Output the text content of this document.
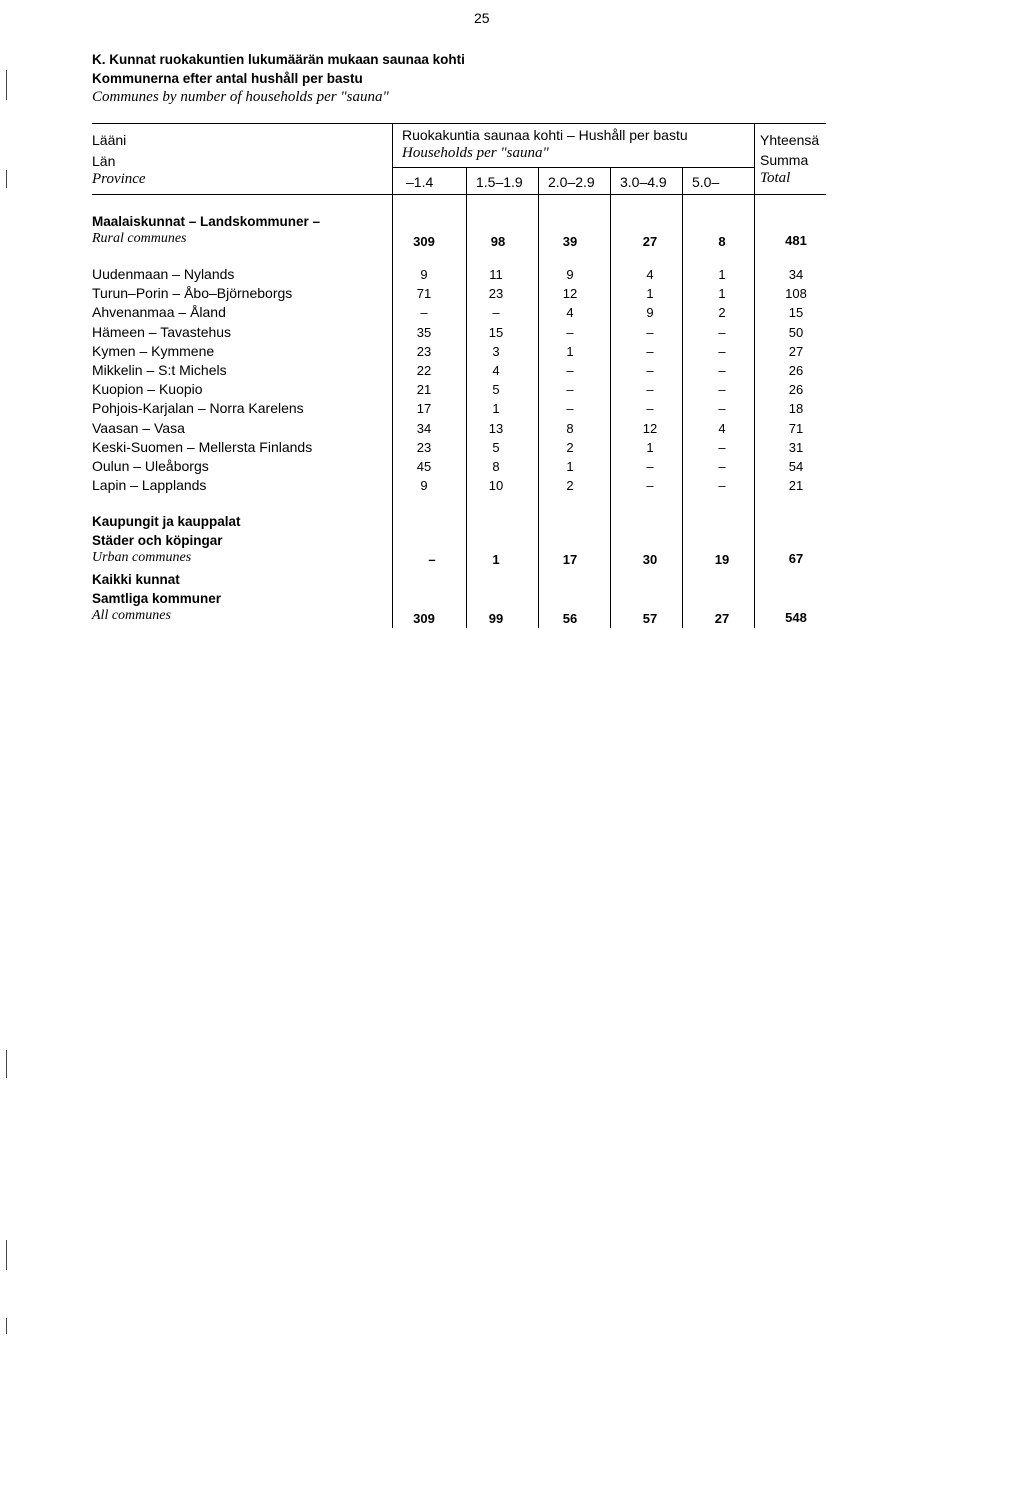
25
K. Kunnat ruokakuntien lukumäärän mukaan saunaa kohti
Kommunerna efter antal hushåll per bastu
Communes by number of households per "sauna"
Lääni
Län
Province
Ruokakuntia saunaa kohti – Hushåll per bastu
Households per "sauna"
–1.4	1.5–1.9 2.0–2.9 3.0–4.9 5.0–
Yhteensä
Summa
Total
Maalaiskunnat – Landskommuner –
Rural communes	309	98	39	27	8	481
Uudenmaan – Nylands	9	11	9	4	1	34
Turun–Porin – Åbo–Björneborgs	71	23	12	1	1	108
Ahvenanmaa – Åland	–	–	4	9	2	15
Hämeen – Tavastehus	35	15	–	–	–	50
Kymen – Kymmene	23	3	1	–	–	27
Mikkelin – S:t Michels	22	4	–	–	–	26
Kuopion – Kuopio	21	5	–	–	–	26
Pohjois-Karjalan – Norra Karelens	17	1	–	–	–	18
Vaasan – Vasa	34	13	8	12	4	71
Keski-Suomen – Mellersta Finlands	23	5	2	1	–	31
Oulun – Uleåborgs	45	8	1	–	–	54
Lapin – Lapplands	9	10	2	–	–	21
Kaupungit ja kauppalat
Städer och köpingar
Urban communes	–	1	17	30	19	67
Kaikki kunnat
Samtliga kommuner
All communes	309	99	56	57	27	548
